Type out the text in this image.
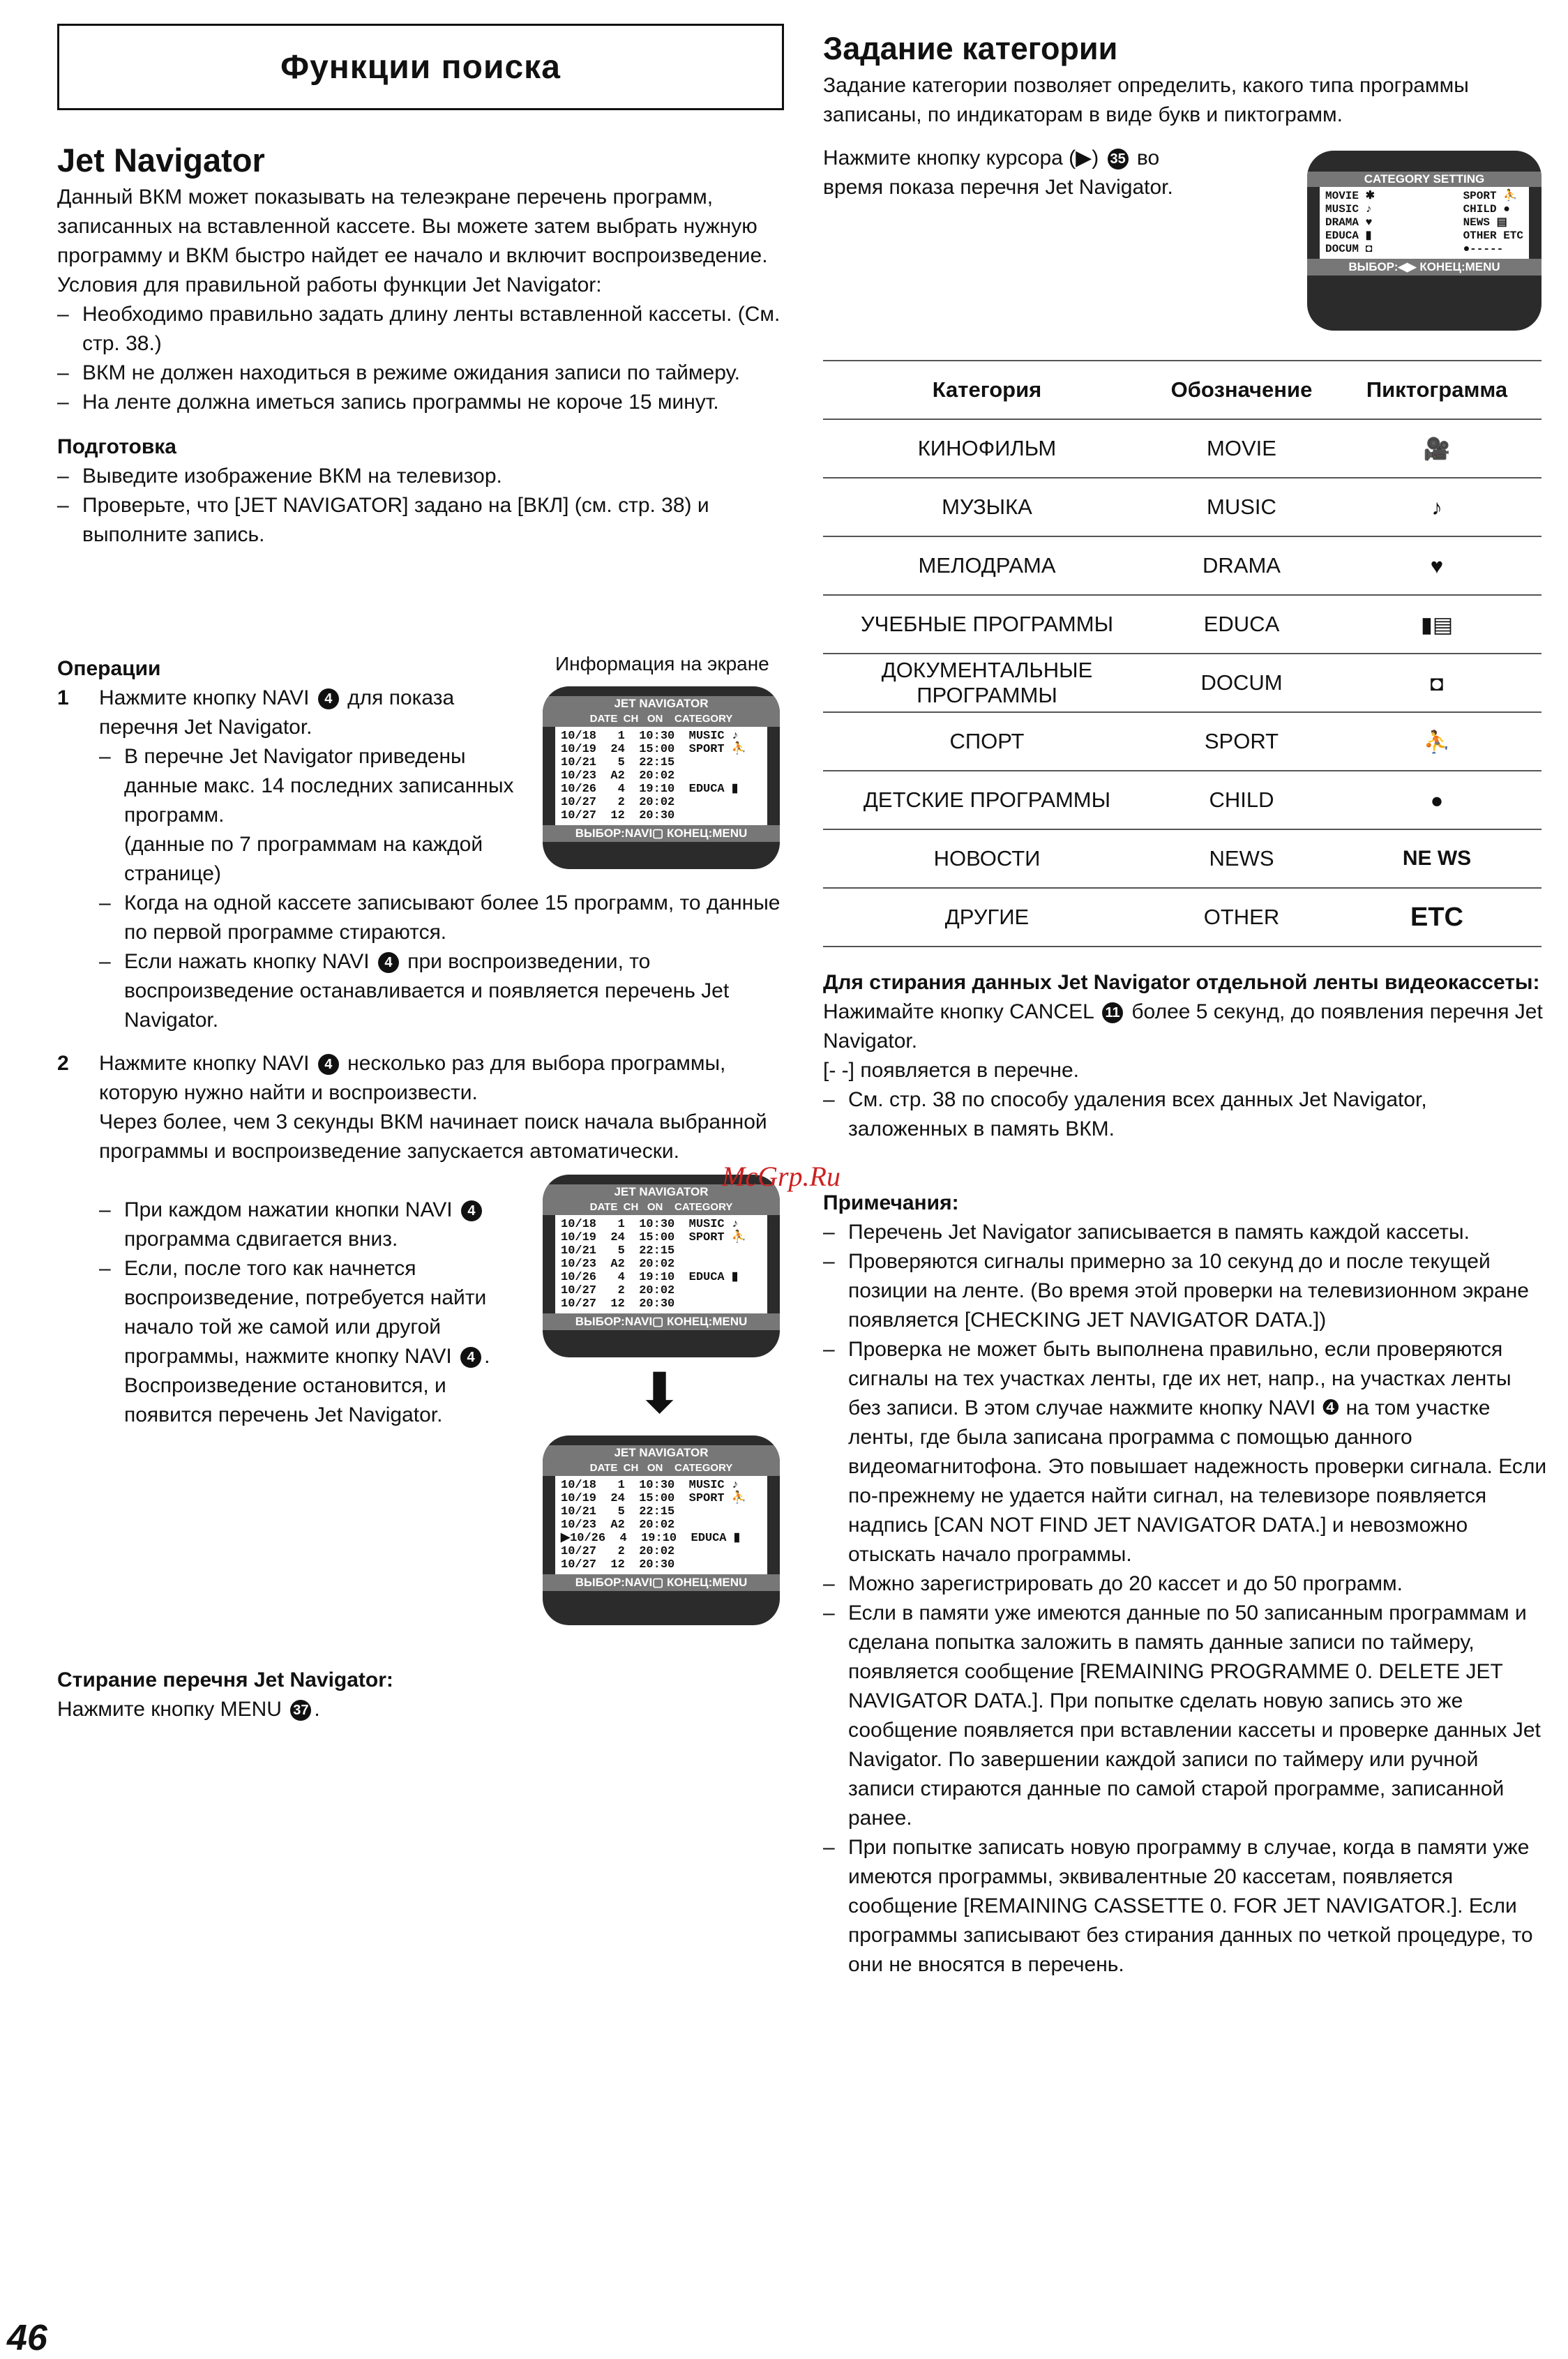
Функции поиска
Jet Navigator

Данный ВКМ может показывать на телеэкране перечень программ, записанных на вставленной кассете. Вы можете затем выбрать нужную программу и ВКМ быстро найдет ее начало и включит воспроизведение.

Условия для правильной работы функции Jet Navigator:

– Необходимо правильно задать длину ленты вставленной кассеты. (См. стр. 38.)
– ВКМ не должен находиться в режиме ожидания записи по таймеру.
– На ленте должна иметься запись программы не короче 15 минут.
Подготовка
– Выведите изображение ВКМ на телевизор.
– Проверьте, что [JET NAVIGATOR] задано на [ВКЛ] (см. стр. 38) и выполните запись.
Операции	Информация на экране
1 Нажмите кнопку NAVI 4 для показа перечня Jet Navigator.
– В перечне Jet Navigator приведены данные макс. 14 последних записанных программ.
(данные по 7 программам на каждой странице)
– Когда на одной кассете записывают более 15 программ, то данные по первой программе стираются.
– Если нажать кнопку NAVI 4 при воспроизведении, то воспроизведение останавливается и появляется перечень Jet Navigator.
JET NAVIGATOR
DATE  CH   ON    CATEGORY
10/18   1  10:30  MUSIC ♪
10/19  24  15:00  SPORT ⛹
10/21   5  22:15
10/23  A2  20:02
10/26   4  19:10  EDUCA ▮
10/27   2  20:02
10/27  12  20:30
ВЫБОР:NAVI▢ КОНЕЦ:MENU
2 Нажмите кнопку NAVI 4 несколько раз для выбора программы, которую нужно найти и воспроизвести.
Через более, чем 3 секунды ВКМ начинает поиск начала выбранной программы и воспроизведение запускается автоматически.
– При каждом нажатии кнопки NAVI 4 программа сдвигается вниз.
– Если, после того как начнется воспроизведение, потребуется найти начало той же самой или другой программы, нажмите кнопку NAVI 4 . Воспроизведение остановится, и появится перечень Jet Navigator.
JET NAVIGATOR
DATE  CH   ON    CATEGORY
10/18   1  10:30  MUSIC ♪
10/19  24  15:00  SPORT ⛹
10/21   5  22:15
10/23  A2  20:02
10/26   4  19:10  EDUCA ▮
10/27   2  20:02
10/27  12  20:30
ВЫБОР:NAVI▢ КОНЕЦ:MENU
⬇
JET NAVIGATOR
DATE  CH   ON    CATEGORY
10/18   1  10:30  MUSIC ♪
10/19  24  15:00  SPORT ⛹
10/21   5  22:15
10/23  A2  20:02
▶10/26  4  19:10  EDUCA ▮
10/27   2  20:02
10/27  12  20:30
ВЫБОР:NAVI▢ КОНЕЦ:MENU
Стирание перечня Jet Navigator:
Нажмите кнопку MENU 37 .
Задание категории

Задание категории позволяет определить, какого типа программы записаны, по индикаторам в виде букв и пиктограмм.

Нажмите кнопку курсора (▶) 35 во время показа перечня Jet Navigator.	CATEGORY SETTING
MOVIE ✱
MUSIC ♪
DRAMA ♥
EDUCA ▮
DOCUM ◘
SPORT ⛹
CHILD ●
NEWS ▤
OTHER ETC
●-----
ВЫБОР:◀▶ КОНЕЦ:MENU
Категория	Обозначение	Пиктограмма
КИНОФИЛЬМ	MOVIE	🎥
МУЗЫКА	MUSIC	♪
МЕЛОДРАМА	DRAMA	♥
УЧЕБНЫЕ ПРОГРАММЫ	EDUCA	▮▤
ДОКУМЕНТАЛЬНЫЕ ПРОГРАММЫ	DOCUM	◘
СПОРТ	SPORT	⛹
ДЕТСКИЕ ПРОГРАММЫ	CHILD	●
НОВОСТИ	NEWS	NE WS
ДРУГИЕ	OTHER	ETC
Для стирания данных Jet Navigator отдельной ленты видеокассеты:
Нажимайте кнопку CANCEL 11 более 5 секунд, до появления перечня Jet Navigator.
[- -] появляется в перечне.
– См. стр. 38 по способу удаления всех данных Jet Navigator, заложенных в память ВКМ.
Примечания:
– Перечень Jet Navigator записывается в память каждой кассеты.
– Проверяются сигналы примерно за 10 секунд до и после текущей позиции на ленте. (Во время этой проверки на телевизионном экране появляется [CHECKING JET NAVIGATOR DATA.])
– Проверка не может быть выполнена правильно, если проверяются сигналы на тех участках ленты, где их нет, напр., на участках ленты без записи. В этом случае нажмите кнопку NAVI ❹ на том участке ленты, где была записана программа с помощью данного видеомагнитофона. Это повышает надежность проверки сигнала. Если по-прежнему не удается найти сигнал, на телевизоре появляется надпись [CAN NOT FIND JET NAVIGATOR DATA.] и невозможно отыскать начало программы.
– Можно зарегистрировать до 20 кассет и до 50 программ.
– Если в памяти уже имеются данные по 50 записанным программам и сделана попытка заложить в память данные записи по таймеру, появляется сообщение [REMAINING PROGRAMME 0. DELETE JET NAVIGATOR DATA.]. При попытке сделать новую запись это же сообщение появляется при вставлении кассеты и проверке данных Jet Navigator. По завершении каждой записи по таймеру или ручной записи стираются данные по самой старой программе, записанной ранее.
– При попытке записать новую программу в случае, когда в памяти уже имеются программы, эквивалентные 20 кассетам, появляется сообщение [REMAINING CASSETTE 0. FOR JET NAVIGATOR.]. Если программы записывают без стирания данных по четкой процедуре, то они не вносятся в перечень.
McGrp.Ru
46
